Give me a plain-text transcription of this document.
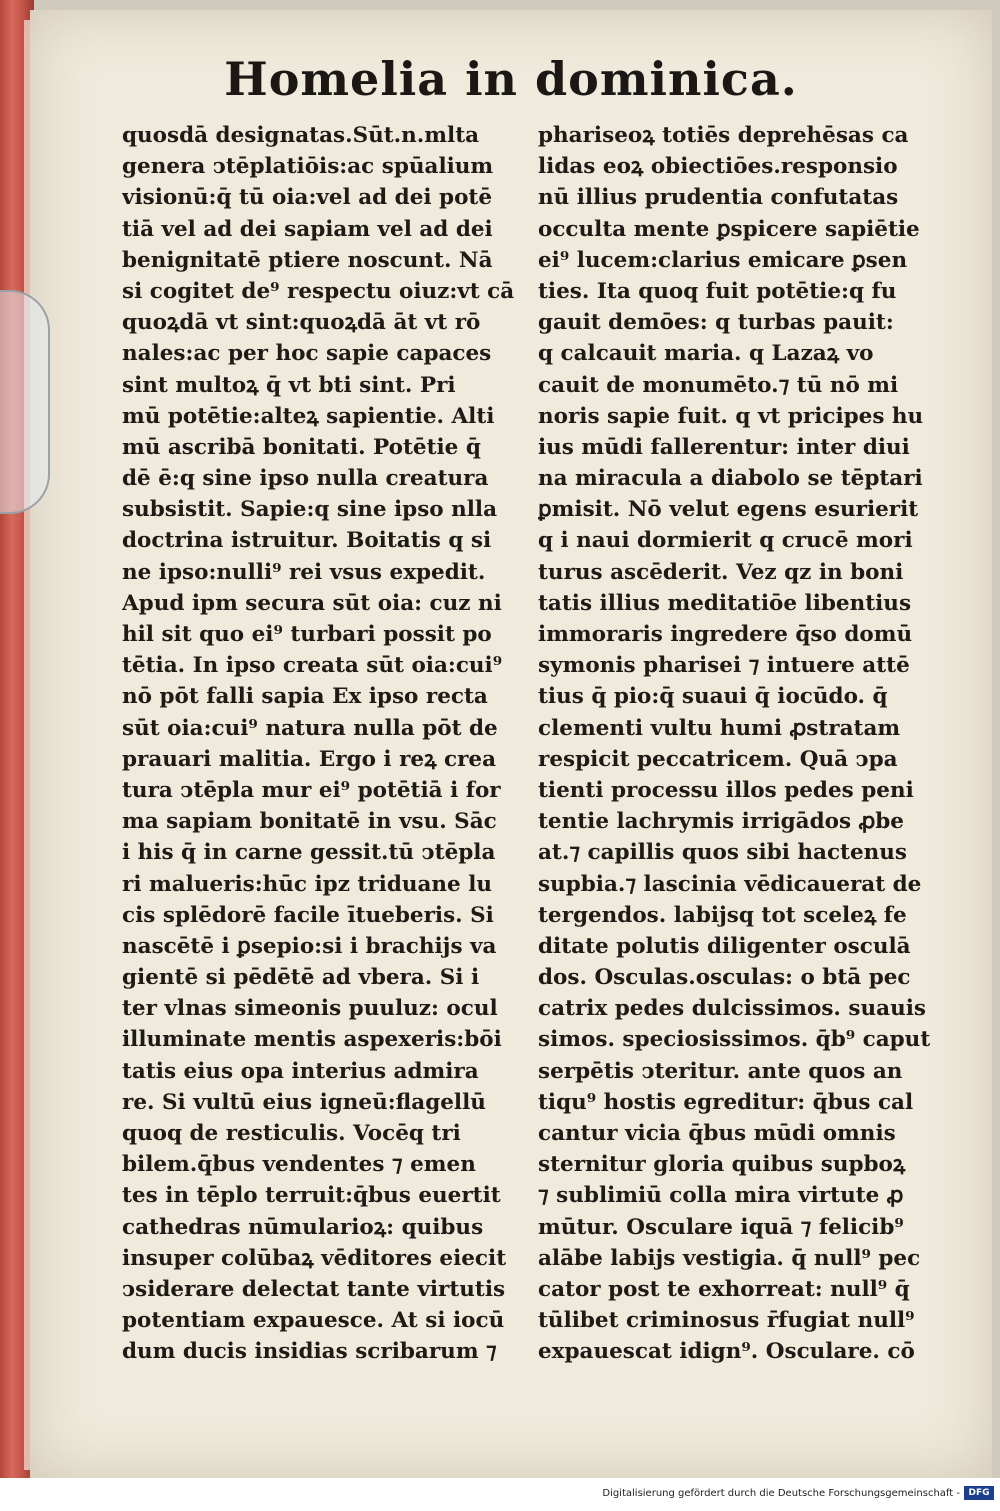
Homelia in dominica.
quosdā designatas.Sūt.n.mlta
genera ↄtēplatiōis:ac spūalium
visionū:q̄ tū oia:vel ad dei potē
tiā vel ad dei sapiam vel ad dei
benignitatē ptiere noscunt. Nā
si cogitet de⁹ respectu oiuz:vt cā
quoꝝdā vt sint:quoꝝdā āt vt rō
nales:ac per hoc sapie capaces
sint multoꝝ q̄ vt bti sint. Pri
mū potētie:alteꝝ sapientie. Alti
mū ascribā bonitati. Potētie q̄
dē ē:q sine ipso nulla creatura
subsistit. Sapie:q sine ipso nlla
doctrina istruitur. Boitatis q si
ne ipso:nulli⁹ rei vsus expedit.
Apud ipm secura sūt oia: cuz ni
hil sit quo ei⁹ turbari possit po
tētia. In ipso creata sūt oia:cui⁹
nō pōt falli sapia Ex ipso recta
sūt oia:cui⁹ natura nulla pōt de
prauari malitia. Ergo i reꝝ crea
tura ↄtēpla mur ei⁹ potētiā i for
ma sapiam bonitatē in vsu. Sāc
i his q̄ in carne gessit.tū ↄtēpla
ri malueris:hūc ipz triduane lu
cis splēdorē facile ītueberis. Si
nascētē i ꝑsepio:si i brachijs va
gientē si pēdētē ad vbera. Si i
ter vlnas simeonis puuluz: ocul
illuminate mentis aspexeris:bōi
tatis eius opa interius admira
re. Si vultū eius igneū:flagellū
quoq de resticulis. Vocēq tri
bilem.q̄bus vendentes ⁊ emen
tes in tēplo terruit:q̄bus euertit
cathedras nūmularioꝝ: quibus
insuper colūbaꝝ vēditores eiecit
ↄsiderare delectat tante virtutis
potentiam expauesce. At si iocū
dum ducis insidias scribarum ⁊
phariseoꝝ totiēs deprehēsas ca
lidas eoꝝ obiectiōes.responsio
nū illius prudentia confutatas
occulta mente ꝑspicere sapiētie
ei⁹ lucem:clarius emicare ꝑsen
ties. Ita quoq fuit potētie:q fu
gauit demōes: q turbas pauit:
q calcauit maria. q Lazaꝝ vo
cauit de monumēto.⁊ tū nō mi
noris sapie fuit. q vt pricipes hu
ius mūdi fallerentur: inter diui
na miracula a diabolo se tēptari
ꝑmisit. Nō velut egens esurierit
q i naui dormierit q crucē mori
turus ascēderit. Vez qz in boni
tatis illius meditatiōe libentius
immoraris ingredere q̄so domū
symonis pharisei ⁊ intuere attē
tius q̄ pio:q̄ suaui q̄ iocūdo. q̄
clementi vultu humi ꝓstratam
respicit peccatricem. Quā ↄpa
tienti processu illos pedes peni
tentie lachrymis irrigādos ꝓbe
at.⁊ capillis quos sibi hactenus
supbia.⁊ lascinia vēdicauerat de
tergendos. labijsq tot sceleꝝ fe
ditate polutis diligenter osculā
dos. Osculas.osculas: o btā pec
catrix pedes dulcissimos. suauis
simos. speciosissimos. q̄b⁹ caput
serpētis ↄteritur. ante quos an
tiqu⁹ hostis egreditur: q̄bus cal
cantur vicia q̄bus mūdi omnis
sternitur gloria quibus supboꝝ
⁊ sublimiū colla mira virtute ꝓ
mūtur. Osculare iquā ⁊ felicib⁹
alābe labijs vestigia. q̄ null⁹ pec
cator post te exhorreat: null⁹ q̄
tūlibet criminosus r̄fugiat null⁹
expauescat idign⁹. Osculare. cō
Digitalisierung gefördert durch die Deutsche Forschungsgemeinschaft - DFG
